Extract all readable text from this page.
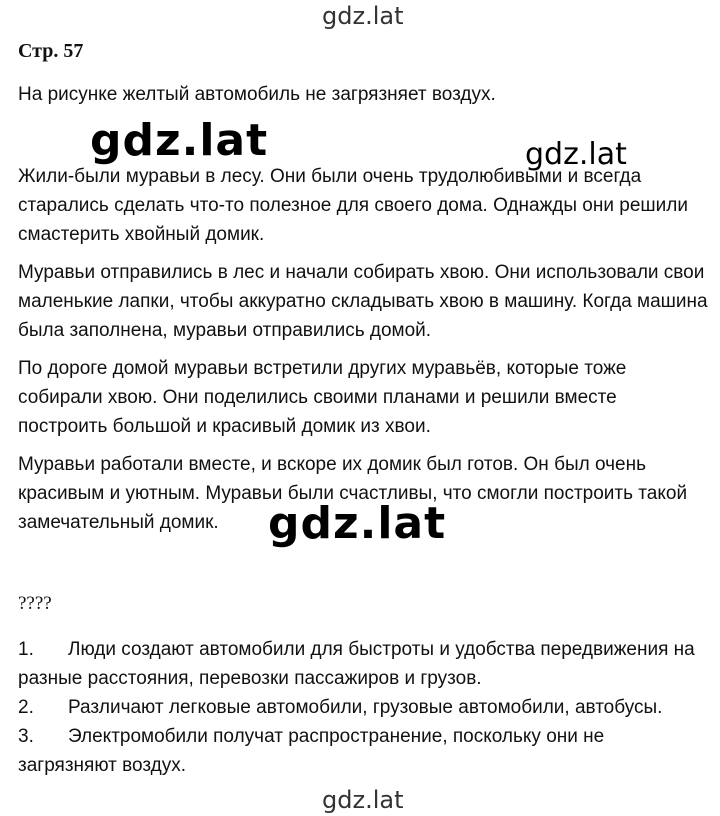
gdz.lat
Стр. 57

На рисунке желтый автомобиль не загрязняет воздух.

Жили-были муравьи в лесу. Они были очень трудолюбивыми и всегда старались сделать что-то полезное для своего дома. Однажды они решили смастерить хвойный домик.

Муравьи отправились в лес и начали собирать хвою. Они использовали свои маленькие лапки, чтобы аккуратно складывать хвою в машину. Когда машина была заполнена, муравьи отправились домой.

По дороге домой муравьи встретили других муравьёв, которые тоже собирали хвою. Они поделились своими планами и решили вместе построить большой и красивый домик из хвои.

Муравьи работали вместе, и вскоре их домик был готов. Он был очень красивым и уютным. Муравьи были счастливы, что смогли построить такой замечательный домик.

gdz.lat	gdz.lat
gdz.lat
????
1. Люди создают автомобили для быстроты и удобства передвижения на разные расстояния, перевозки пассажиров и грузов.
2. Различают легковые автомобили, грузовые автомобили, автобусы.
3. Электромобили получат распространение, поскольку они не загрязняют воздух.
gdz.lat
